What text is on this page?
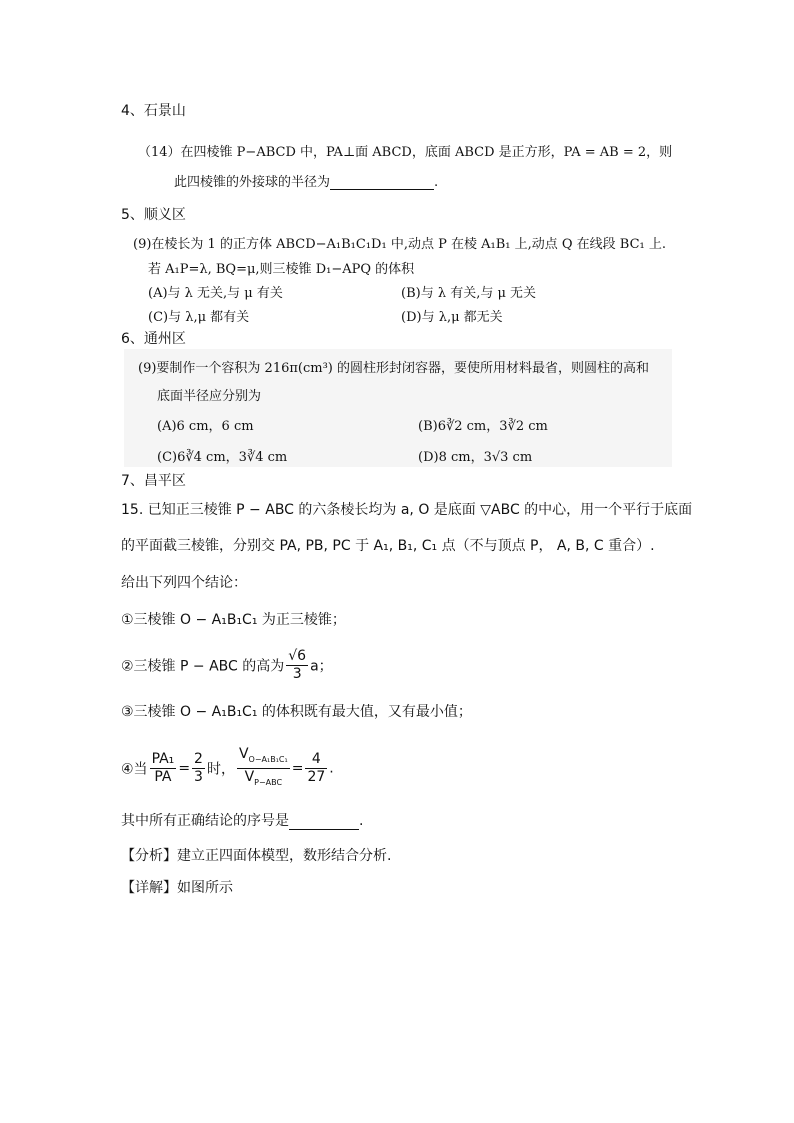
4、石景山
（14）在四棱锥 P−ABCD 中，PA⊥面 ABCD，底面 ABCD 是正方形，PA = AB = 2，则
此四棱锥的外接球的半径为	.
5、顺义区
(9)在棱长为 1 的正方体 ABCD−A₁B₁C₁D₁ 中,动点 P 在棱 A₁B₁ 上,动点 Q 在线段 BC₁ 上.
若 A₁P=λ, BQ=μ,则三棱锥 D₁−APQ 的体积
(A)与 λ 无关,与 μ 有关	(B)与 λ 有关,与 μ 无关
(C)与 λ,μ 都有关	(D)与 λ,μ 都无关
6、通州区
(9)要制作一个容积为 216π(cm³) 的圆柱形封闭容器，要使所用材料最省，则圆柱的高和
底面半径应分别为
(A)6 cm，6 cm	(B)6∛2 cm，3∛2 cm
(C)6∛4 cm，3∛4 cm	(D)8 cm，3√3 cm
7、昌平区
15. 已知正三棱锥 P − ABC 的六条棱长均为 a, O 是底面 ▽ABC 的中心，用一个平行于底面
的平面截三棱锥，分别交 PA, PB, PC 于 A₁, B₁, C₁ 点（不与顶点 P， A, B, C 重合）.
给出下列四个结论：
①三棱锥 O − A₁B₁C₁ 为正三棱锥；
②三棱锥 P − ABC 的高为 $\frac{√6}{3}$ a；
③三棱锥 O − A₁B₁C₁ 的体积既有最大值，又有最小值；
④当 $\frac{\text{PA₁}}{PA} = \frac{2}{3}$ 时， $\frac{V_{O-A_1B_1C_1}}{V_{P-ABC}} = \frac{4}{27}$ .
其中所有正确结论的序号是	.
【分析】建立正四面体模型，数形结合分析.
【详解】如图所示
